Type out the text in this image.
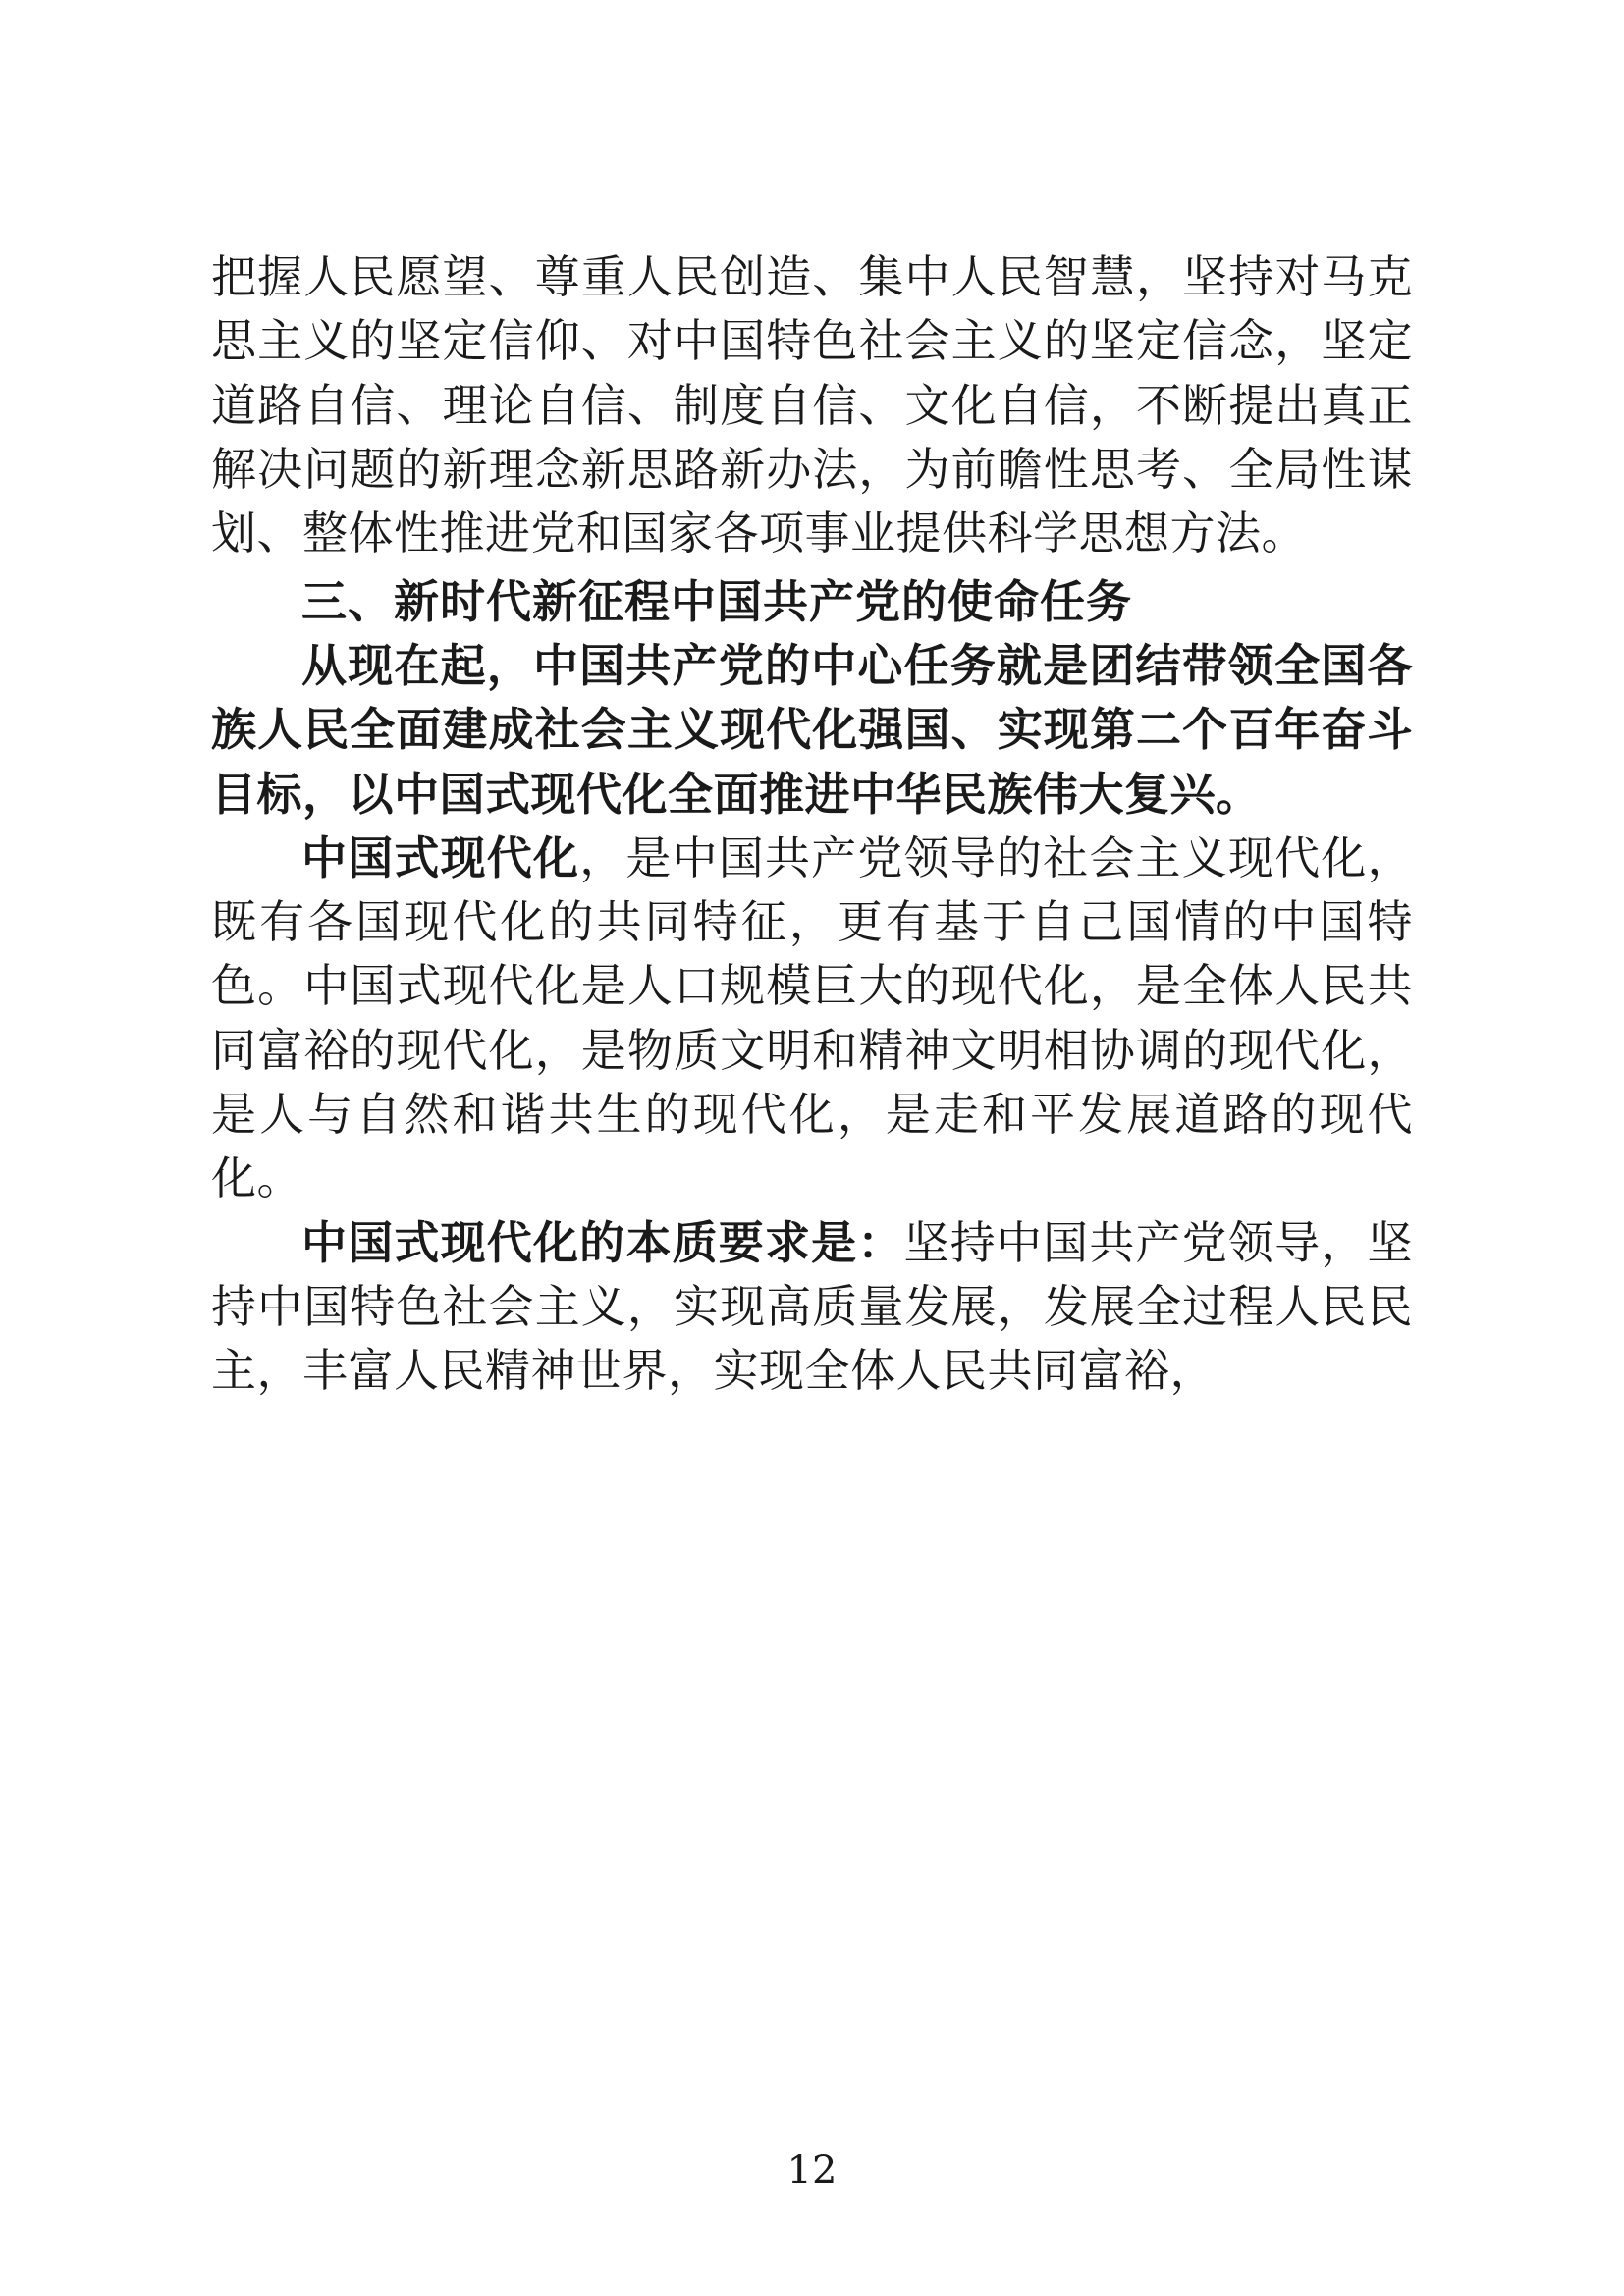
把握人民愿望、尊重人民创造、集中人民智慧，坚持对马克思主义的坚定信仰、对中国特色社会主义的坚定信念，坚定道路自信、理论自信、制度自信、文化自信，不断提出真正解决问题的新理念新思路新办法，为前瞻性思考、全局性谋划、整体性推进党和国家各项事业提供科学思想方法。

三、新时代新征程中国共产党的使命任务

从现在起，中国共产党的中心任务就是团结带领全国各族人民全面建成社会主义现代化强国、实现第二个百年奋斗目标，以中国式现代化全面推进中华民族伟大复兴。

中国式现代化，是中国共产党领导的社会主义现代化，既有各国现代化的共同特征，更有基于自己国情的中国特色。中国式现代化是人口规模巨大的现代化，是全体人民共同富裕的现代化，是物质文明和精神文明相协调的现代化，是人与自然和谐共生的现代化，是走和平发展道路的现代化。

中国式现代化的本质要求是：坚持中国共产党领导，坚持中国特色社会主义，实现高质量发展，发展全过程人民民主，丰富人民精神世界，实现全体人民共同富裕，

12
